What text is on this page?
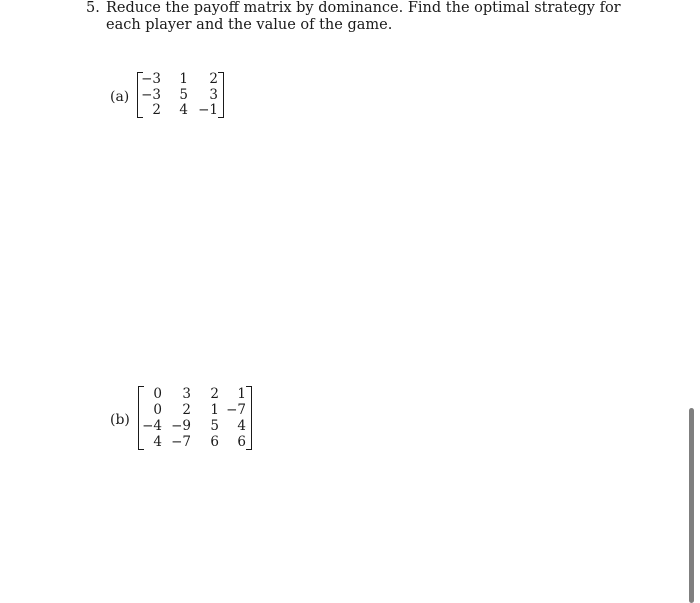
5. Reduce the payoff matrix by dominance. Find the optimal strategy for each player and the value of the game.
(a)
−3 1 2
−3 5 3
2 4 −1
(b)
0 3 2 1
0 2 1 −7
−4 −9 5 4
4 −7 6 6
